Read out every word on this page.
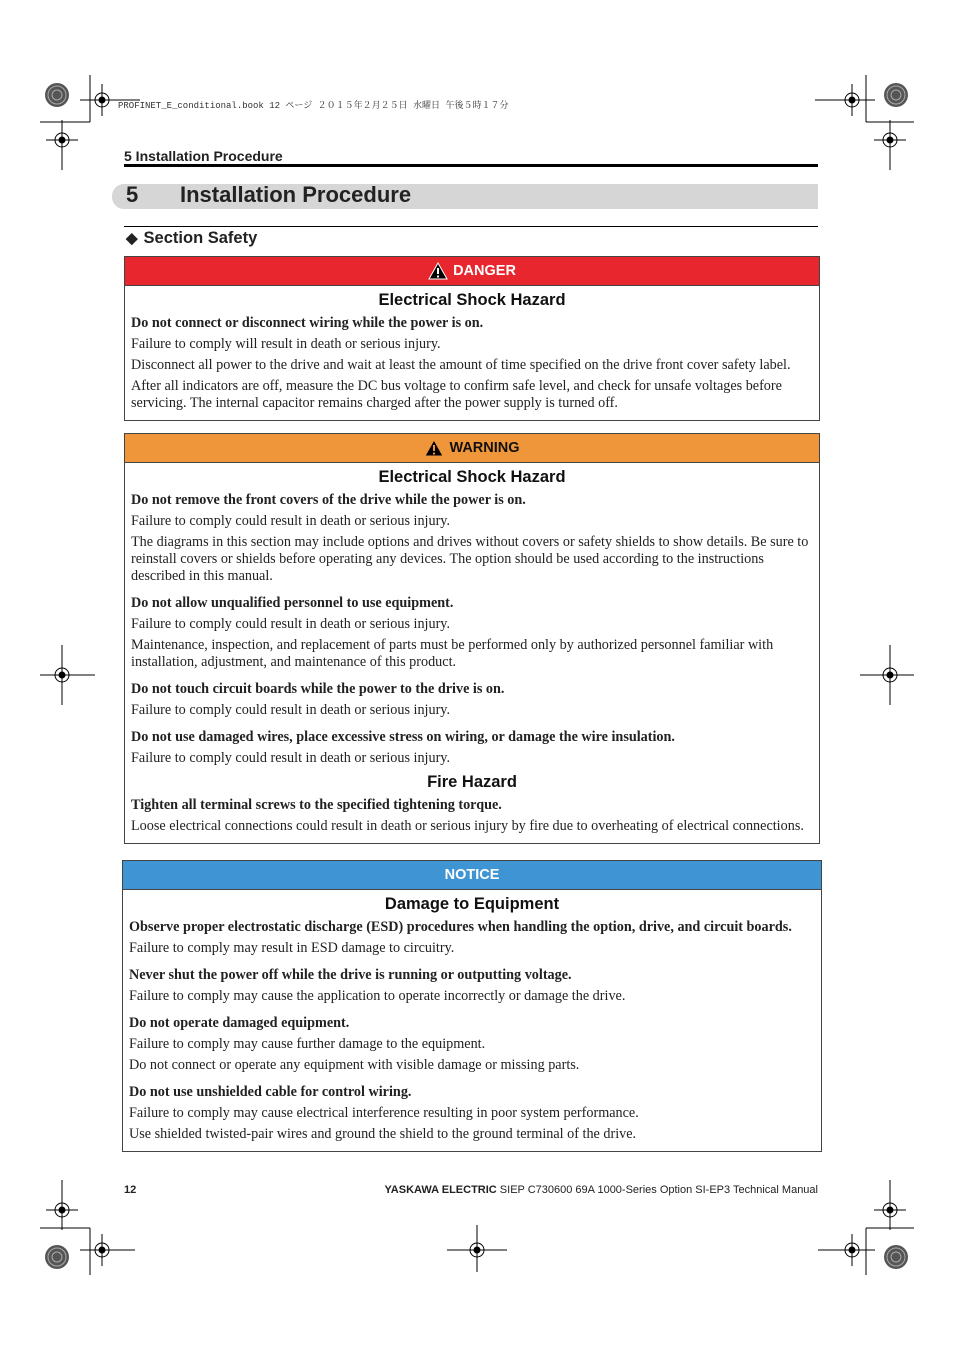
PROFINET_E_conditional.book 12 ページ ２０１５年２月２５日 水曜日 午後５時１７分
5 Installation Procedure
5 Installation Procedure
◆ Section Safety
DANGER
Electrical Shock Hazard
Do not connect or disconnect wiring while the power is on.
Failure to comply will result in death or serious injury.
Disconnect all power to the drive and wait at least the amount of time specified on the drive front cover safety label.
After all indicators are off, measure the DC bus voltage to confirm safe level, and check for unsafe voltages before servicing. The internal capacitor remains charged after the power supply is turned off.
WARNING
Electrical Shock Hazard
Do not remove the front covers of the drive while the power is on.
Failure to comply could result in death or serious injury.
The diagrams in this section may include options and drives without covers or safety shields to show details. Be sure to reinstall covers or shields before operating any devices. The option should be used according to the instructions described in this manual.
Do not allow unqualified personnel to use equipment.
Failure to comply could result in death or serious injury.
Maintenance, inspection, and replacement of parts must be performed only by authorized personnel familiar with installation, adjustment, and maintenance of this product.
Do not touch circuit boards while the power to the drive is on.
Failure to comply could result in death or serious injury.
Do not use damaged wires, place excessive stress on wiring, or damage the wire insulation.
Failure to comply could result in death or serious injury.
Fire Hazard
Tighten all terminal screws to the specified tightening torque.
Loose electrical connections could result in death or serious injury by fire due to overheating of electrical connections.
NOTICE
Damage to Equipment
Observe proper electrostatic discharge (ESD) procedures when handling the option, drive, and circuit boards.
Failure to comply may result in ESD damage to circuitry.
Never shut the power off while the drive is running or outputting voltage.
Failure to comply may cause the application to operate incorrectly or damage the drive.
Do not operate damaged equipment.
Failure to comply may cause further damage to the equipment.
Do not connect or operate any equipment with visible damage or missing parts.
Do not use unshielded cable for control wiring.
Failure to comply may cause electrical interference resulting in poor system performance.
Use shielded twisted-pair wires and ground the shield to the ground terminal of the drive.
12	YASKAWA ELECTRIC SIEP C730600 69A 1000-Series Option SI-EP3 Technical Manual
